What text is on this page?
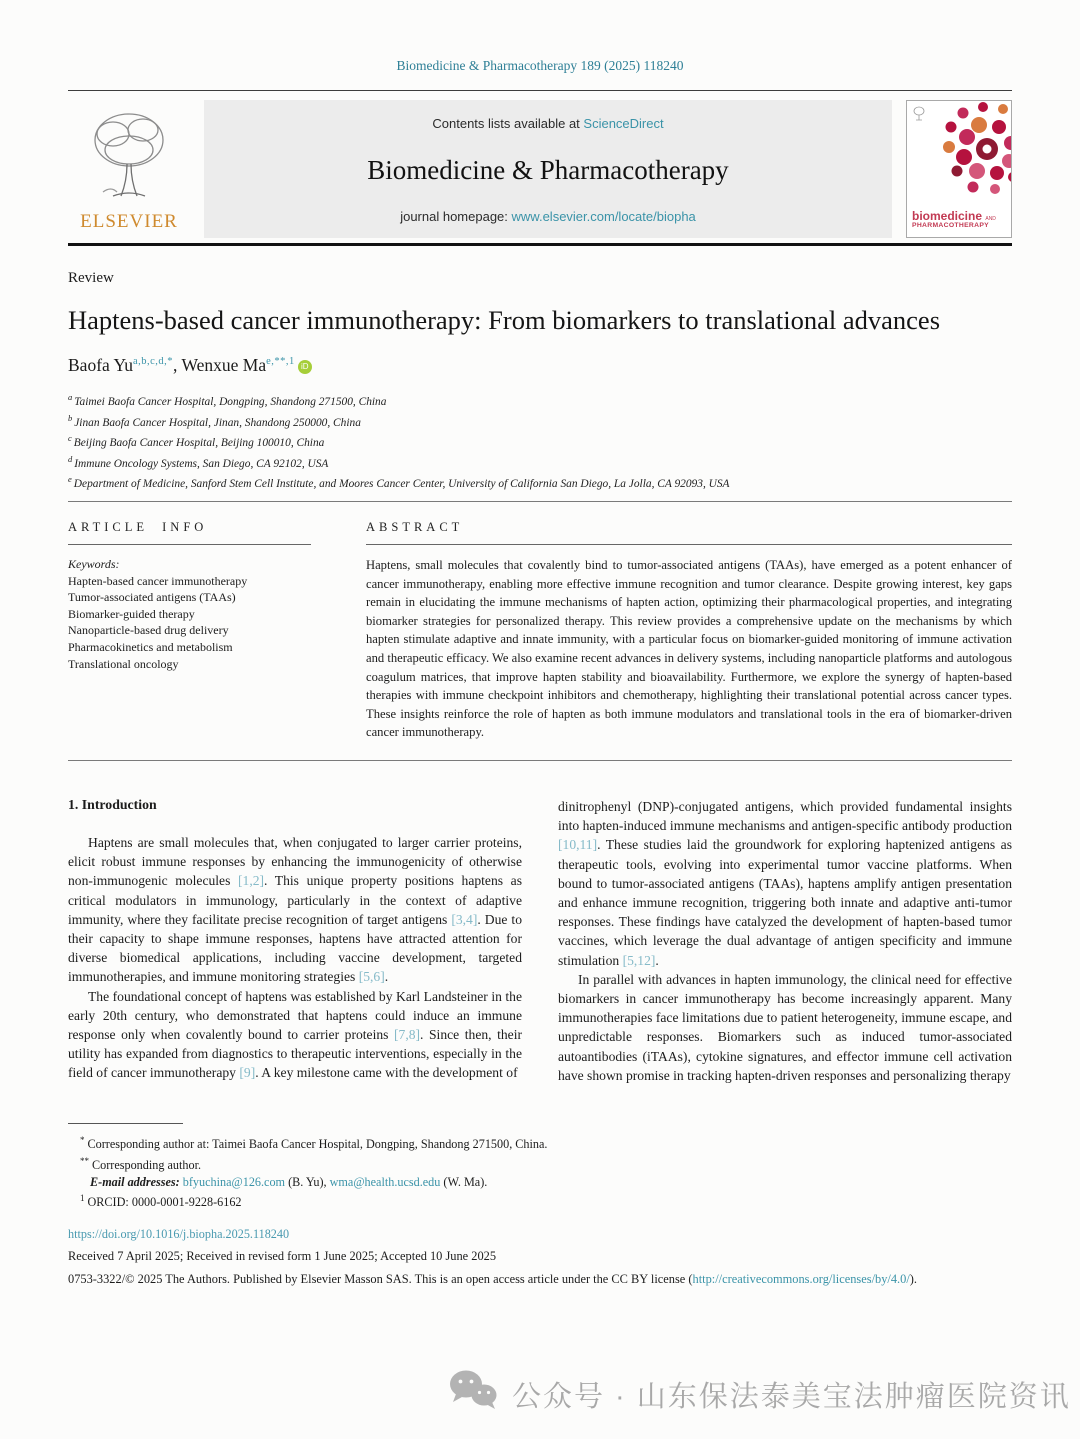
Biomedicine & Pharmacotherapy 189 (2025) 118240
ELSEVIER
Contents lists available at ScienceDirect
Biomedicine & Pharmacotherapy
journal homepage: www.elsevier.com/locate/biopha	biomedicine AND
PHARMACOTHERAPY
Review
Haptens-based cancer immunotherapy: From biomarkers to translational advances
Baofa $Yu^{a,b,c,d,*}$, Wenxue $Ma^{e,**,1}$ iD
$^a$ Taimei Baofa Cancer Hospital, Dongping, Shandong 271500, China
$^b$ Jinan Baofa Cancer Hospital, Jinan, Shandong 250000, China
$^c$ Beijing Baofa Cancer Hospital, Beijing 100010, China
$^d$ Immune Oncology Systems, San Diego, CA 92102, USA
$^e$ Department of Medicine, Sanford Stem Cell Institute, and Moores Cancer Center, University of California San Diego, La Jolla, CA 92093, USA
ARTICLE INFO
Keywords:
Hapten-based cancer immunotherapy
Tumor-associated antigens (TAAs)
Biomarker-guided therapy
Nanoparticle-based drug delivery
Pharmacokinetics and metabolism
Translational oncology
ABSTRACT
Haptens, small molecules that covalently bind to tumor-associated antigens (TAAs), have emerged as a potent enhancer of cancer immunotherapy, enabling more effective immune recognition and tumor clearance. Despite growing interest, key gaps remain in elucidating the immune mechanisms of hapten action, optimizing their pharmacological properties, and integrating biomarker strategies for personalized therapy. This review provides a comprehensive update on the mechanisms by which hapten stimulate adaptive and innate immunity, with a particular focus on biomarker-guided monitoring of immune activation and therapeutic efficacy. We also examine recent advances in delivery systems, including nanoparticle platforms and autologous coagulum matrices, that improve hapten stability and bioavailability. Furthermore, we explore the synergy of hapten-based therapies with immune checkpoint inhibitors and chemotherapy, highlighting their translational potential across cancer types. These insights reinforce the role of hapten as both immune modulators and translational tools in the era of biomarker-driven cancer immunotherapy.
1. Introduction

Haptens are small molecules that, when conjugated to larger carrier proteins, elicit robust immune responses by enhancing the immunogenicity of otherwise non-immunogenic molecules [1,2]. This unique property positions haptens as critical modulators in immunology, particularly in the context of adaptive immunity, where they facilitate precise recognition of target antigens [3,4]. Due to their capacity to shape immune responses, haptens have attracted attention for diverse biomedical applications, including vaccine development, targeted immunotherapies, and immune monitoring strategies [5,6].

The foundational concept of haptens was established by Karl Landsteiner in the early 20th century, who demonstrated that haptens could induce an immune response only when covalently bound to carrier proteins [7,8]. Since then, their utility has expanded from diagnostics to therapeutic interventions, especially in the field of cancer immunotherapy [9]. A key milestone came with the development of

dinitrophenyl (DNP)-conjugated antigens, which provided fundamental insights into hapten-induced immune mechanisms and antigen-specific antibody production [10,11]. These studies laid the groundwork for exploring haptenized antigens as therapeutic tools, evolving into experimental tumor vaccine platforms. When bound to tumor-associated antigens (TAAs), haptens amplify antigen presentation and enhance immune recognition, triggering both innate and adaptive anti-tumor responses. These findings have catalyzed the development of hapten-based tumor vaccines, which leverage the dual advantage of antigen specificity and immune stimulation [5,12].

In parallel with advances in hapten immunology, the clinical need for effective biomarkers in cancer immunotherapy has become increasingly apparent. Many immunotherapies face limitations due to patient heterogeneity, immune escape, and unpredictable responses. Biomarkers such as induced tumor-associated autoantibodies (iTAAs), cytokine signatures, and effector immune cell activation have shown promise in tracking hapten-driven responses and personalizing therapy

* Corresponding author at: Taimei Baofa Cancer Hospital, Dongping, Shandong 271500, China.
** Corresponding author.
E-mail addresses: bfyuchina@126.com (B. Yu), wma@health.ucsd.edu (W. Ma).
$^1$ ORCID: 0000-0001-9228-6162
https://doi.org/10.1016/j.biopha.2025.118240
Received 7 April 2025; Received in revised form 1 June 2025; Accepted 10 June 2025
0753-3322/© 2025 The Authors. Published by Elsevier Masson SAS. This is an open access article under the CC BY license (http://creativecommons.org/licenses/by/4.0/).
公众号 · 山东保法泰美宝法肿瘤医院资讯
